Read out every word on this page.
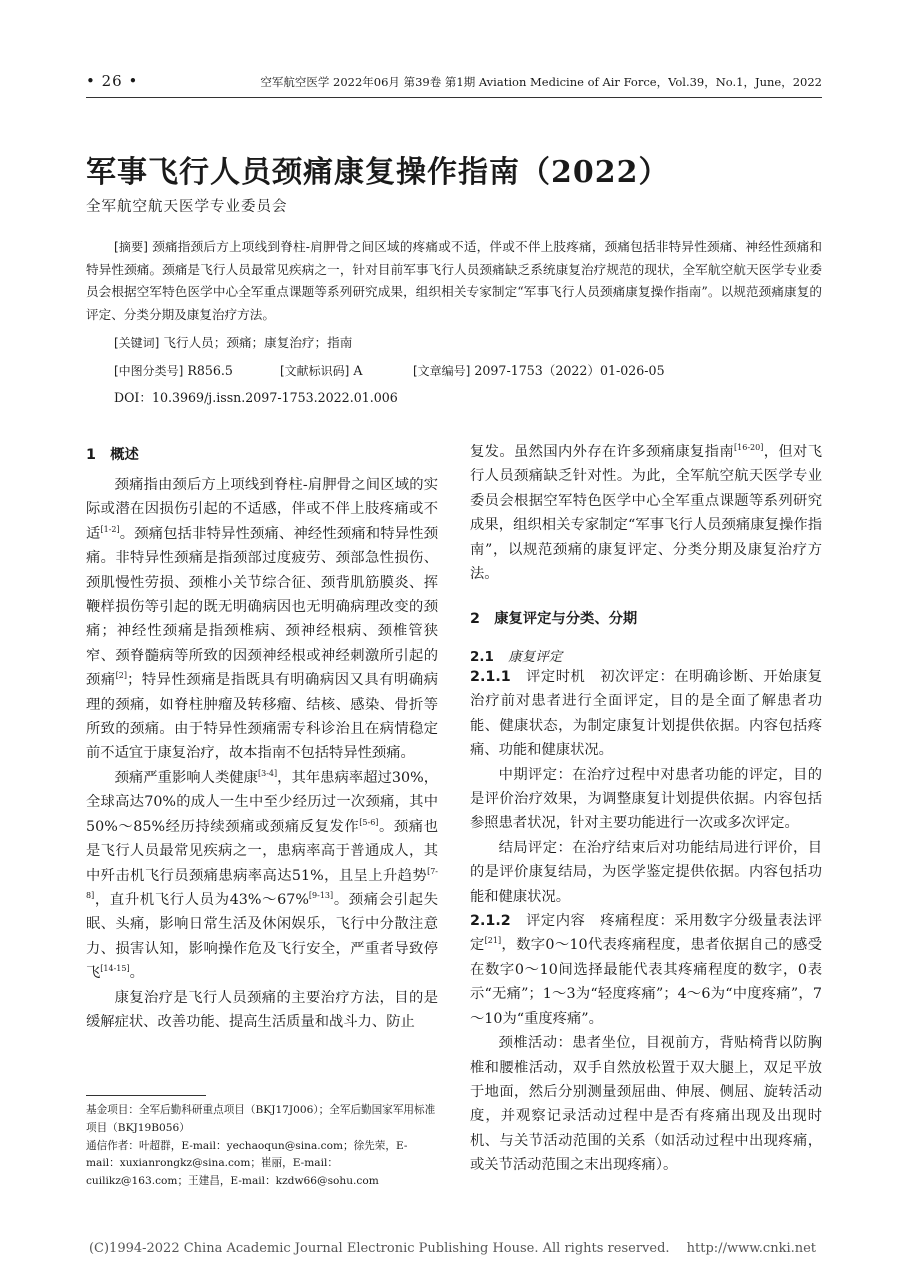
• 26 •	空军航空医学 2022年06月 第39卷 第1期 Aviation Medicine of Air Force，Vol.39，No.1，June，2022
军事飞行人员颈痛康复操作指南（2022）
全军航空航天医学专业委员会
[摘要] 颈痛指颈后方上项线到脊柱-肩胛骨之间区域的疼痛或不适，伴或不伴上肢疼痛，颈痛包括非特异性颈痛、神经性颈痛和特异性颈痛。颈痛是飞行人员最常见疾病之一，针对目前军事飞行人员颈痛缺乏系统康复治疗规范的现状，全军航空航天医学专业委员会根据空军特色医学中心全军重点课题等系列研究成果，组织相关专家制定“军事飞行人员颈痛康复操作指南”。以规范颈痛康复的评定、分类分期及康复治疗方法。
[关键词] 飞行人员；颈痛；康复治疗；指南
[中图分类号] R856.5	[文献标识码] A	[文章编号] 2097-1753（2022）01-026-05
DOI：10.3969/j.issn.2097-1753.2022.01.006
1　概述

颈痛指由颈后方上项线到脊柱-肩胛骨之间区域的实际或潜在因损伤引起的不适感，伴或不伴上肢疼痛或不适[1-2]。颈痛包括非特异性颈痛、神经性颈痛和特异性颈痛。非特异性颈痛是指颈部过度疲劳、颈部急性损伤、颈肌慢性劳损、颈椎小关节综合征、颈背肌筋膜炎、挥鞭样损伤等引起的既无明确病因也无明确病理改变的颈痛；神经性颈痛是指颈椎病、颈神经根病、颈椎管狭窄、颈脊髓病等所致的因颈神经根或神经刺激所引起的颈痛[2]；特异性颈痛是指既具有明确病因又具有明确病理的颈痛，如脊柱肿瘤及转移瘤、结核、感染、骨折等所致的颈痛。由于特异性颈痛需专科诊治且在病情稳定前不适宜于康复治疗，故本指南不包括特异性颈痛。

颈痛严重影响人类健康[3-4]，其年患病率超过30%，全球高达70%的成人一生中至少经历过一次颈痛，其中50%～85%经历持续颈痛或颈痛反复发作[5-6]。颈痛也是飞行人员最常见疾病之一，患病率高于普通成人，其中歼击机飞行员颈痛患病率高达51%，且呈上升趋势[7-8]，直升机飞行人员为43%～67%[9-13]。颈痛会引起失眠、头痛，影响日常生活及休闲娱乐，飞行中分散注意力、损害认知，影响操作危及飞行安全，严重者导致停飞[14-15]。

康复治疗是飞行人员颈痛的主要治疗方法，目的是缓解症状、改善功能、提高生活质量和战斗力、防止

基金项目：全军后勤科研重点项目（BKJ17J006）；全军后勤国家军用标准项目（BKJ19B056）
通信作者：叶超群，E-mail：yechaoqun@sina.com；徐先荣，E-mail：xuxianrongkz@sina.com；崔丽，E-mail：cuilikz@163.com；王建昌，E-mail：kzdw66@sohu.com

复发。虽然国内外存在许多颈痛康复指南[16-20]，但对飞行人员颈痛缺乏针对性。为此，全军航空航天医学专业委员会根据空军特色医学中心全军重点课题等系列研究成果，组织相关专家制定“军事飞行人员颈痛康复操作指南”，以规范颈痛的康复评定、分类分期及康复治疗方法。

2　康复评定与分类、分期
2.1 康复评定

2.1.1　 评定时机　 初次评定：在明确诊断、开始康复治疗前对患者进行全面评定，目的是全面了解患者功能、健康状态，为制定康复计划提供依据。内容包括疼痛、功能和健康状况。

中期评定：在治疗过程中对患者功能的评定，目的是评价治疗效果，为调整康复计划提供依据。内容包括参照患者状况，针对主要功能进行一次或多次评定。

结局评定：在治疗结束后对功能结局进行评价，目的是评价康复结局，为医学鉴定提供依据。内容包括功能和健康状况。

2.1.2　 评定内容　 疼痛程度：采用数字分级量表法评定[21]，数字0～10代表疼痛程度，患者依据自己的感受在数字0～10间选择最能代表其疼痛程度的数字，0表示“无痛”；1～3为“轻度疼痛”；4～6为“中度疼痛”，7～10为“重度疼痛”。

颈椎活动：患者坐位，目视前方，背贴椅背以防胸椎和腰椎活动，双手自然放松置于双大腿上，双足平放于地面，然后分别测量颈屈曲、伸展、侧屈、旋转活动度，并观察记录活动过程中是否有疼痛出现及出现时机、与关节活动范围的关系（如活动过程中出现疼痛，或关节活动范围之末出现疼痛）。

(C)1994-2022 China Academic Journal Electronic Publishing House. All rights reserved.　 http://www.cnki.net
